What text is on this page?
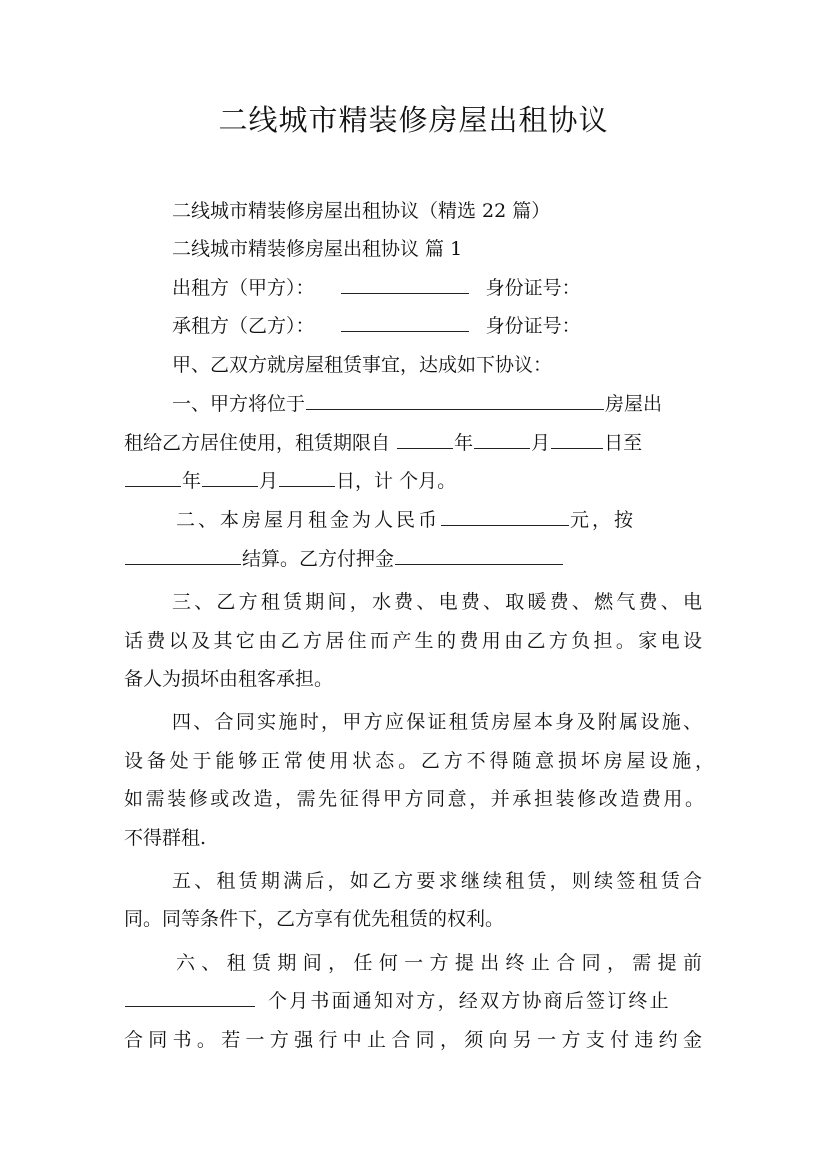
二线城市精装修房屋出租协议
二线城市精装修房屋出租协议（精选 22 篇）
二线城市精装修房屋出租协议 篇 1
出租方（甲方）：	身份证号：
承租方（乙方）：	身份证号：
甲、乙双方就房屋租赁事宜，达成如下协议：
一、甲方将位于	房屋出
租给乙方居住使用，租赁期限自	年	月	日至
年	月	日，计 个月。
二、本房屋月租金为人民币	元，按
结算。乙方付押金
三、乙方租赁期间，水费、电费、取暖费、燃气费、电
话费以及其它由乙方居住而产生的费用由乙方负担。家电设
备人为损坏由租客承担。
四、合同实施时，甲方应保证租赁房屋本身及附属设施、
设备处于能够正常使用状态。乙方不得随意损坏房屋设施，
如需装修或改造，需先征得甲方同意，并承担装修改造费用。
不得群租.
五、租赁期满后，如乙方要求继续租赁，则续签租赁合
同。同等条件下，乙方享有优先租赁的权利。
六、租赁期间，任何一方提出终止合同，需提前
个月书面通知对方，经双方协商后签订终止
合同书。若一方强行中止合同，须向另一方支付违约金
